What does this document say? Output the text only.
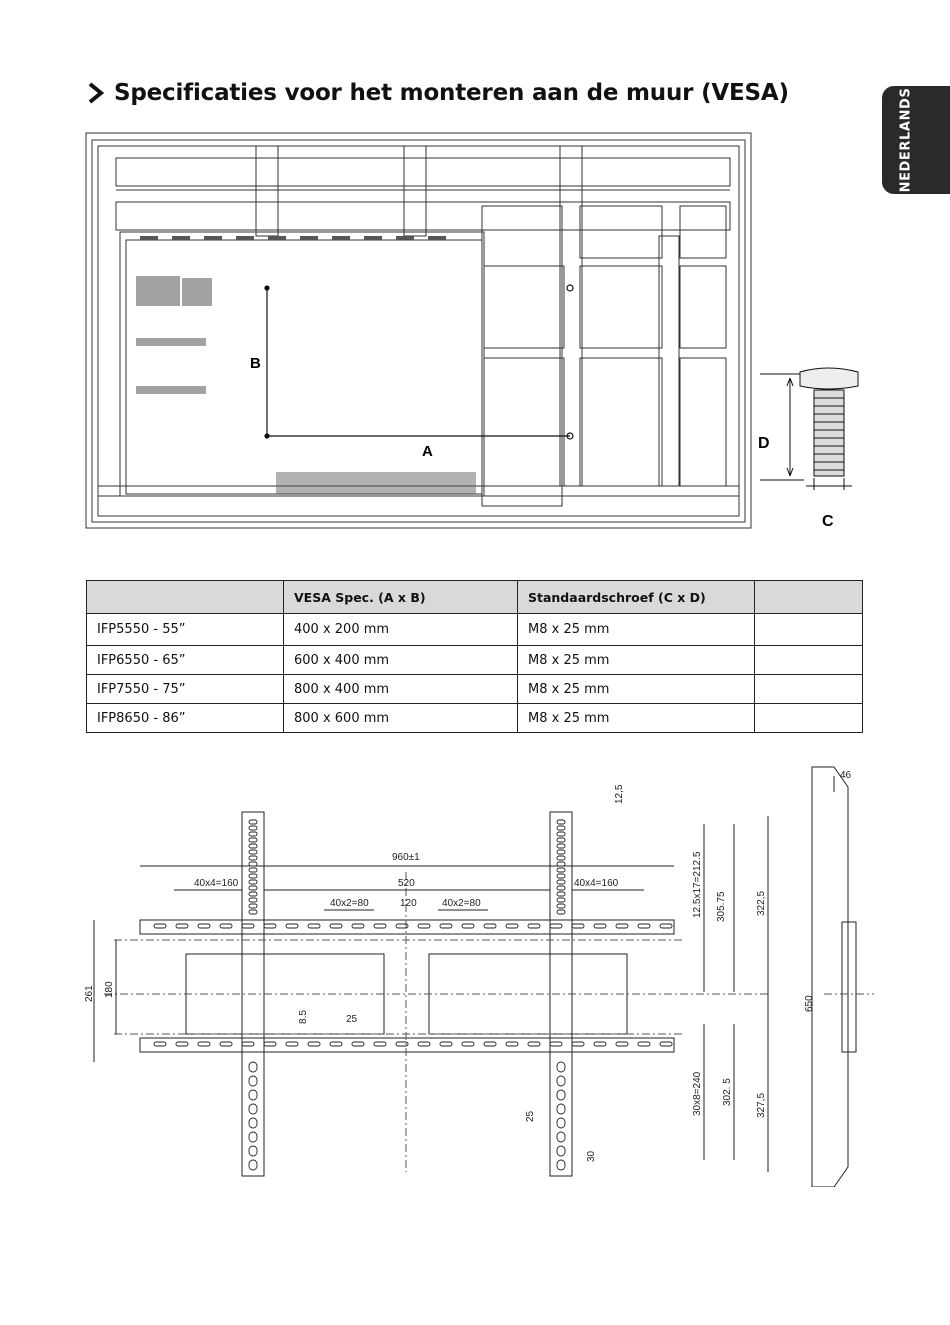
Specificaties voor het monteren aan de muur (VESA)	NEDERLANDS
B
A	D
C
	VESA Spec. (A x B)	Standaardschroef (C x D)	
IFP5550 - 55”	400 x 200 mm	M8 x 25 mm	
IFP6550 - 65”	600 x 400 mm	M8 x 25 mm	
IFP7550 - 75”	800 x 400 mm	M8 x 25 mm	
IFP8650 - 86”	800 x 600 mm	M8 x 25 mm	
960±1
520
120
40x4=160	40x4=160
40x2=80	40x2=80
25
261 180
8.5
25
30
12,5
12.5x17=212.5 305.75	322,5
30x8=240 302. 5 327,5
650
46
